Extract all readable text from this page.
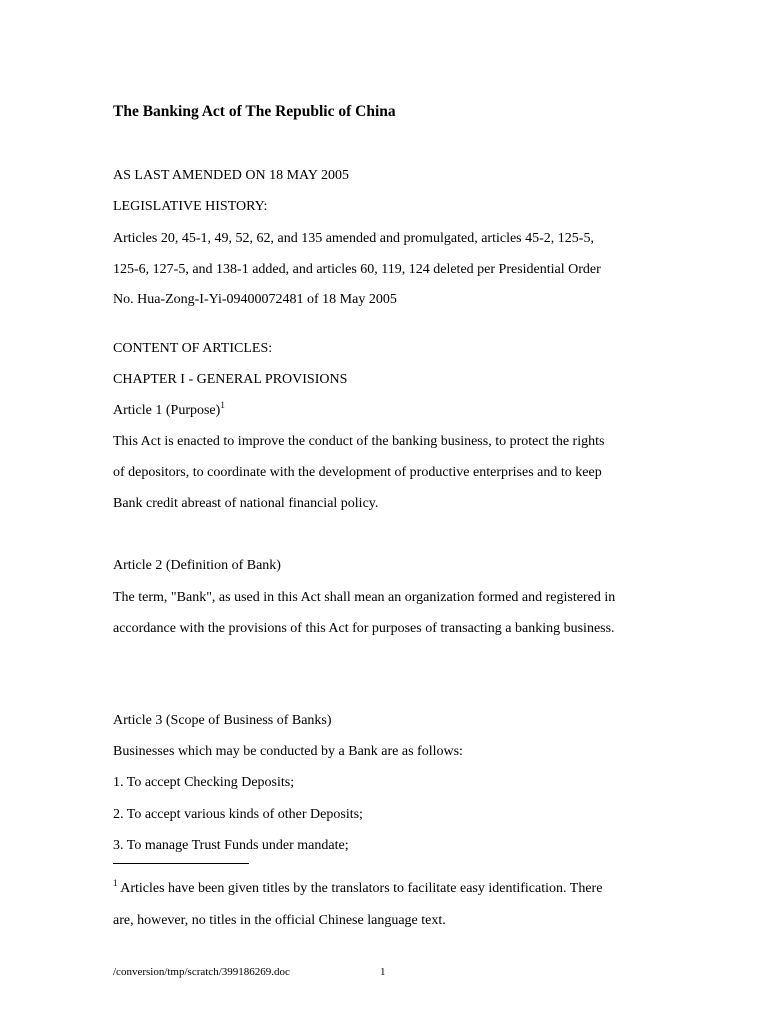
The Banking Act of The Republic of China

AS LAST AMENDED ON 18 MAY 2005

LEGISLATIVE HISTORY:

Articles 20, 45-1, 49, 52, 62, and 135 amended and promulgated, articles 45-2, 125-5,

125-6, 127-5, and 138-1 added, and articles 60, 119, 124 deleted per Presidential Order

No. Hua-Zong-I-Yi-09400072481 of 18 May 2005

CONTENT OF ARTICLES:

CHAPTER I - GENERAL PROVISIONS

Article 1 (Purpose)$^1$

This Act is enacted to improve the conduct of the banking business, to protect the rights

of depositors, to coordinate with the development of productive enterprises and to keep

Bank credit abreast of national financial policy.

Article 2 (Definition of Bank)

The term, "Bank", as used in this Act shall mean an organization formed and registered in

accordance with the provisions of this Act for purposes of transacting a banking business.

Article 3 (Scope of Business of Banks)

Businesses which may be conducted by a Bank are as follows:

1. To accept Checking Deposits;

2. To accept various kinds of other Deposits;

3. To manage Trust Funds under mandate;

$^1$ Articles have been given titles by the translators to facilitate easy identification. There

are, however, no titles in the official Chinese language text.

/conversion/tmp/scratch/399186269.doc	1
